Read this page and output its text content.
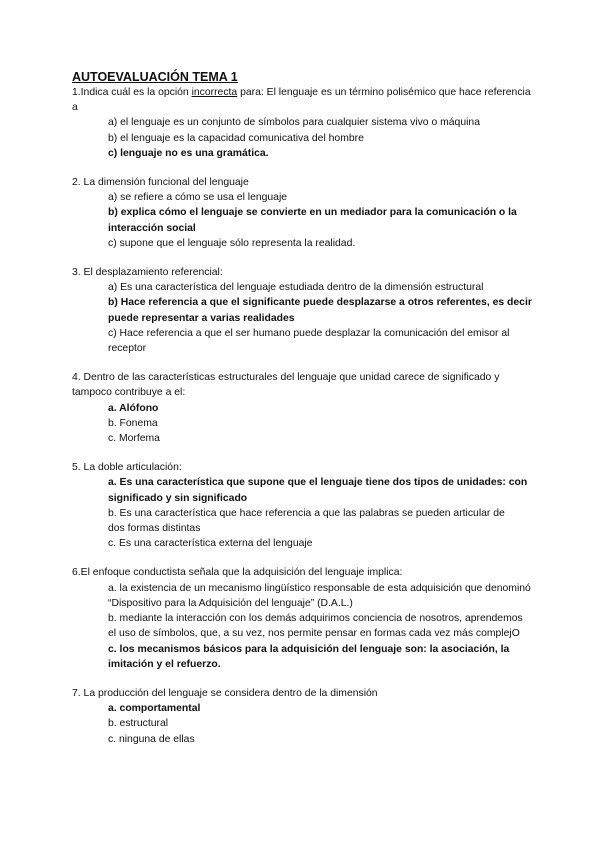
AUTOEVALUACIÓN TEMA 1
1.Indica cuál es la opción incorrecta para: El lenguaje es un término polisémico que hace referencia a
a) el lenguaje es un conjunto de símbolos para cualquier sistema vivo o máquina
b) el lenguaje es la capacidad comunicativa del hombre
c) lenguaje no es una gramática.
2. La dimensión funcional del lenguaje
a) se refiere a cómo se usa el lenguaje
b) explica cómo el lenguaje se convierte en un mediador para la comunicación o la interacción social
c) supone que el lenguaje sólo representa la realidad.
3. El desplazamiento referencial:
a) Es una característica del lenguaje estudiada dentro de la dimensión estructural
b) Hace referencia a que el significante puede desplazarse a otros referentes, es decir puede representar a varias realidades
c) Hace referencia a que el ser humano puede desplazar la comunicación del emisor al receptor
4. Dentro de las características estructurales del lenguaje que unidad carece de significado y
tampoco contribuye a el:
a. Alófono
b. Fonema
c. Morfema
5. La doble articulación:
a. Es una característica que supone que el lenguaje tiene dos tipos de unidades: con significado y sin significado
b. Es una característica que hace referencia a que las palabras se pueden articular de
dos formas distintas
c. Es una característica externa del lenguaje
6.El enfoque conductista señala que la adquisición del lenguaje implica:
a. la existencia de un mecanismo lingüístico responsable de esta adquisición que denominó “Dispositivo para la Adquisición del lenguaje” (D.A.L.)
b. mediante la interacción con los demás adquirimos conciencia de nosotros, aprendemos el uso de símbolos, que, a su vez, nos permite pensar en formas cada vez más complejO
c. los mecanismos básicos para la adquisición del lenguaje son: la asociación, la imitación y el refuerzo.
7. La producción del lenguaje se considera dentro de la dimensión
a. comportamental
b. estructural
c. ninguna de ellas
